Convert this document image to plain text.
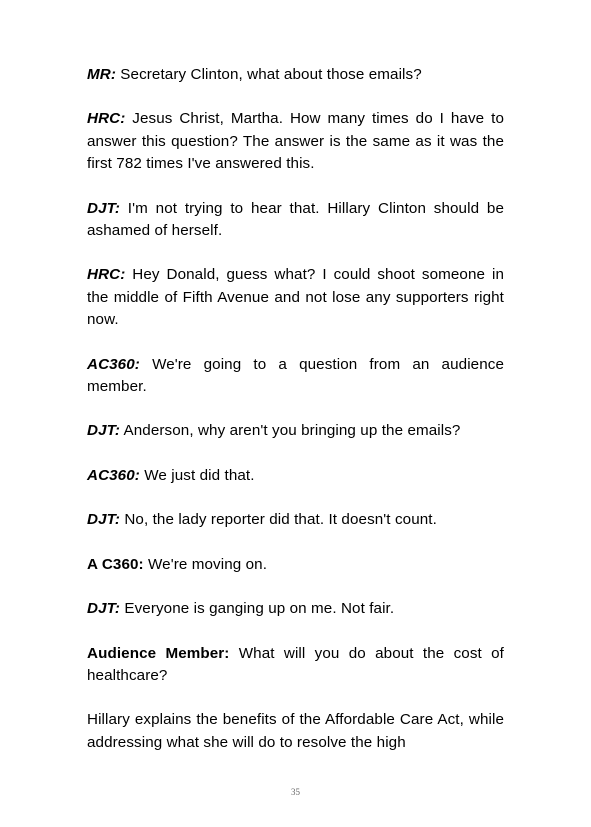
MR: Secretary Clinton, what about those emails?

HRC: Jesus Christ, Martha. How many times do I have to answer this question? The answer is the same as it was the first 782 times I've answered this.

DJT: I'm not trying to hear that. Hillary Clinton should be ashamed of herself.

HRC: Hey Donald, guess what? I could shoot someone in the middle of Fifth Avenue and not lose any supporters right now.

AC360: We're going to a question from an audience member.

DJT: Anderson, why aren't you bringing up the emails?

AC360: We just did that.

DJT: No, the lady reporter did that. It doesn't count.

A C360: We're moving on.

DJT: Everyone is ganging up on me. Not fair.

Audience Member: What will you do about the cost of healthcare?

Hillary explains the benefits of the Affordable Care Act, while addressing what she will do to resolve the high

35
